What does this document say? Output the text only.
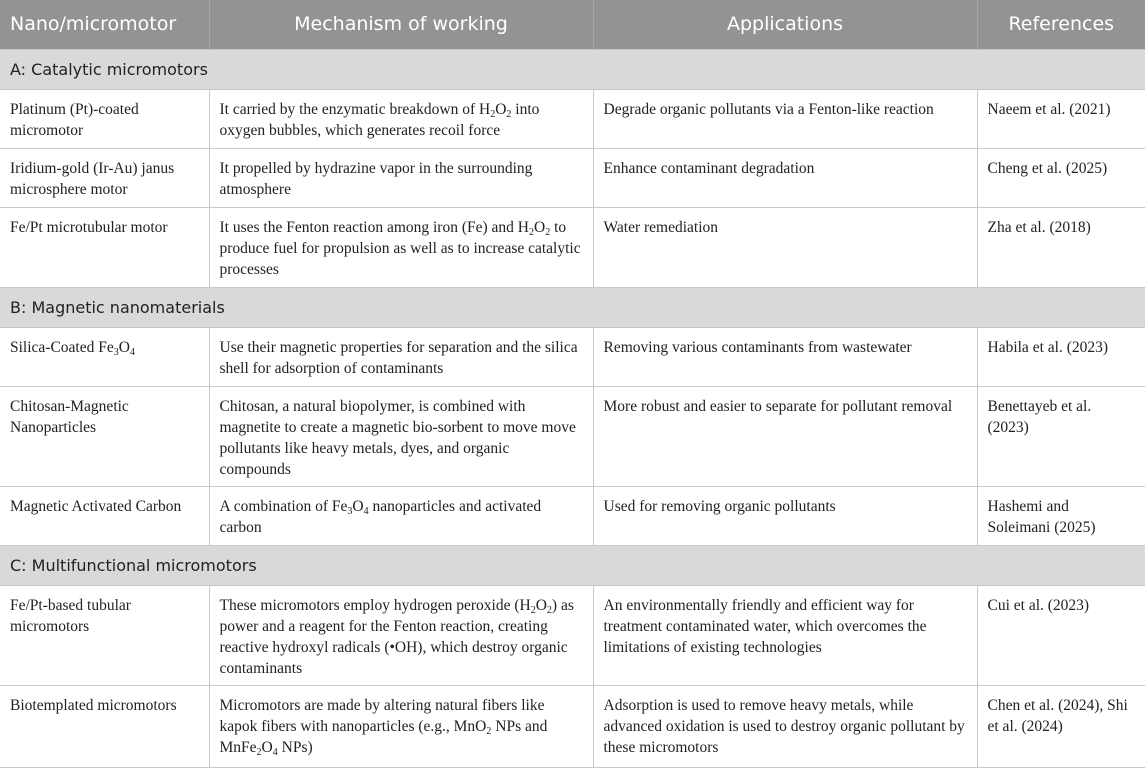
Nano/micromotor	Mechanism of working	Applications	References
A: Catalytic micromotors			
Platinum (Pt)-coated micromotor	It carried by the enzymatic breakdown of $H_2O_2$ into oxygen bubbles, which generates recoil force	Degrade organic pollutants via a Fenton-like reaction	Naeem et al. (2021)
Iridium-gold (Ir-Au) janus microsphere motor	It propelled by hydrazine vapor in the surrounding atmosphere	Enhance contaminant degradation	Cheng et al. (2025)
Fe/Pt microtubular motor	It uses the Fenton reaction among iron (Fe) and $H_2O_2$ to produce fuel for propulsion as well as to increase catalytic processes	Water remediation	Zha et al. (2018)
B: Magnetic nanomaterials			
Silica-Coated $Fe_3O_4$	Use their magnetic properties for separation and the silica shell for adsorption of contaminants	Removing various contaminants from wastewater	Habila et al. (2023)
Chitosan-Magnetic Nanoparticles	Chitosan, a natural biopolymer, is combined with magnetite to create a magnetic bio-sorbent to move move pollutants like heavy metals, dyes, and organic compounds	More robust and easier to separate for pollutant removal	Benettayeb et al. (2023)
Magnetic Activated Carbon	A combination of $Fe_3O_4$ nanoparticles and activated carbon	Used for removing organic pollutants	Hashemi and Soleimani (2025)
C: Multifunctional micromotors			
Fe/Pt-based tubular micromotors	These micromotors employ hydrogen peroxide $(H_2O_2)$ as power and a reagent for the Fenton reaction, creating reactive hydroxyl radicals (•OH), which destroy organic contaminants	An environmentally friendly and efficient way for treatment contaminated water, which overcomes the limitations of existing technologies	Cui et al. (2023)
Biotemplated micromotors	Micromotors are made by altering natural fibers like kapok fibers with nanoparticles (e.g., MnO$_2$ NPs and $MnFe_2O_4$ NPs)	Adsorption is used to remove heavy metals, while advanced oxidation is used to destroy organic pollutant by these micromotors	Chen et al. (2024), Shi et al. (2024)
